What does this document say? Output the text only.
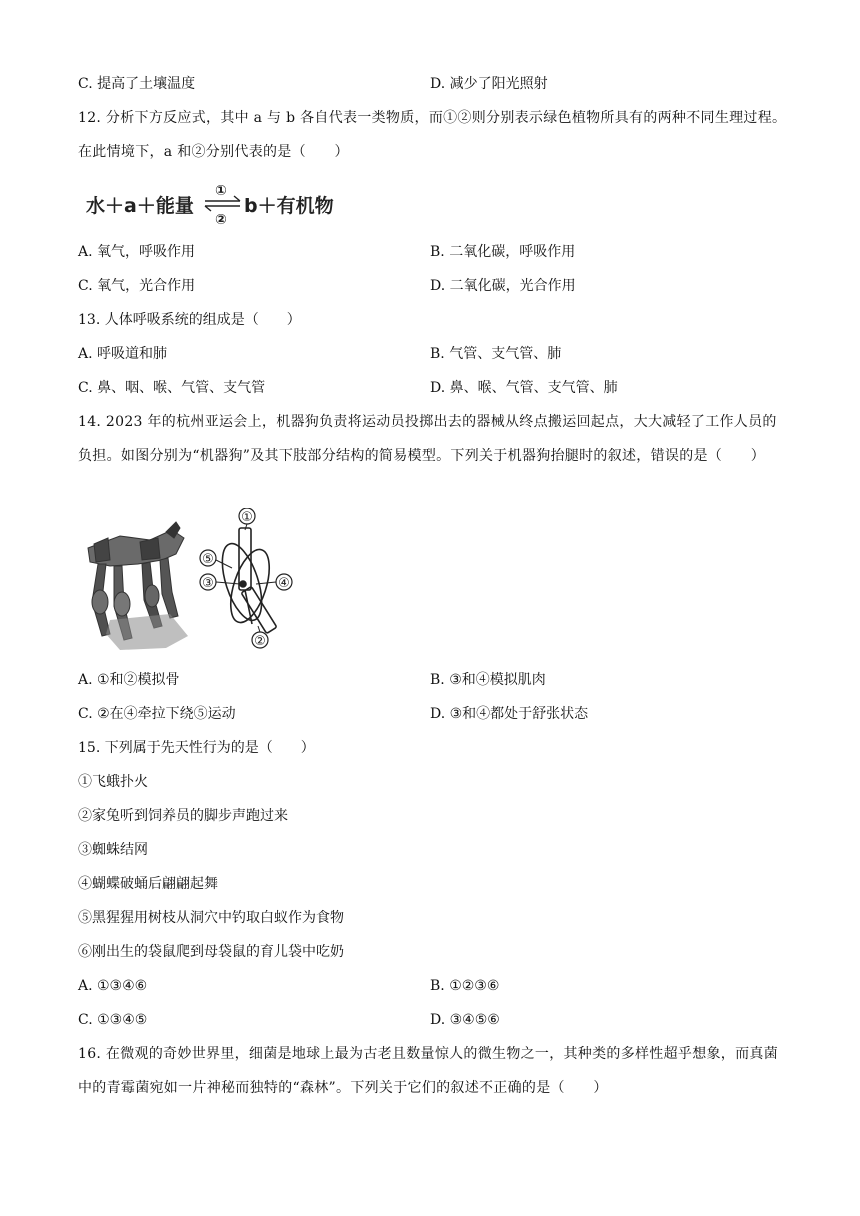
C. 提高了土壤温度	D. 减少了阳光照射
12. 分析下方反应式，其中 a 与 b 各自代表一类物质，而①②则分别表示绿色植物所具有的两种不同生理过程。在此情境下，a 和②分别代表的是（　　）
水＋a＋能量
①
②
b＋有机物
A. 氧气，呼吸作用	B. 二氧化碳，呼吸作用
C. 氧气，光合作用	D. 二氧化碳，光合作用
13. 人体呼吸系统的组成是（　　）
A. 呼吸道和肺	B. 气管、支气管、肺
C. 鼻、咽、喉、气管、支气管	D. 鼻、喉、气管、支气管、肺
14. 2023 年的杭州亚运会上，机器狗负责将运动员投掷出去的器械从终点搬运回起点，大大减轻了工作人员的负担。如图分别为“机器狗”及其下肢部分结构的简易模型。下列关于机器狗抬腿时的叙述，错误的是（　　）
①
②
③	④
⑤
A. ①和②模拟骨	B. ③和④模拟肌肉
C. ②在④牵拉下绕⑤运动	D. ③和④都处于舒张状态
15. 下列属于先天性行为的是（　　）
①飞蛾扑火
②家兔听到饲养员的脚步声跑过来
③蜘蛛结网
④蝴蝶破蛹后翩翩起舞
⑤黑猩猩用树枝从洞穴中钓取白蚁作为食物
⑥刚出生的袋鼠爬到母袋鼠的育儿袋中吃奶
A. ①③④⑥	B. ①②③⑥
C. ①③④⑤	D. ③④⑤⑥
16. 在微观的奇妙世界里，细菌是地球上最为古老且数量惊人的微生物之一，其种类的多样性超乎想象，而真菌中的青霉菌宛如一片神秘而独特的“森林”。下列关于它们的叙述不正确的是（　　）
